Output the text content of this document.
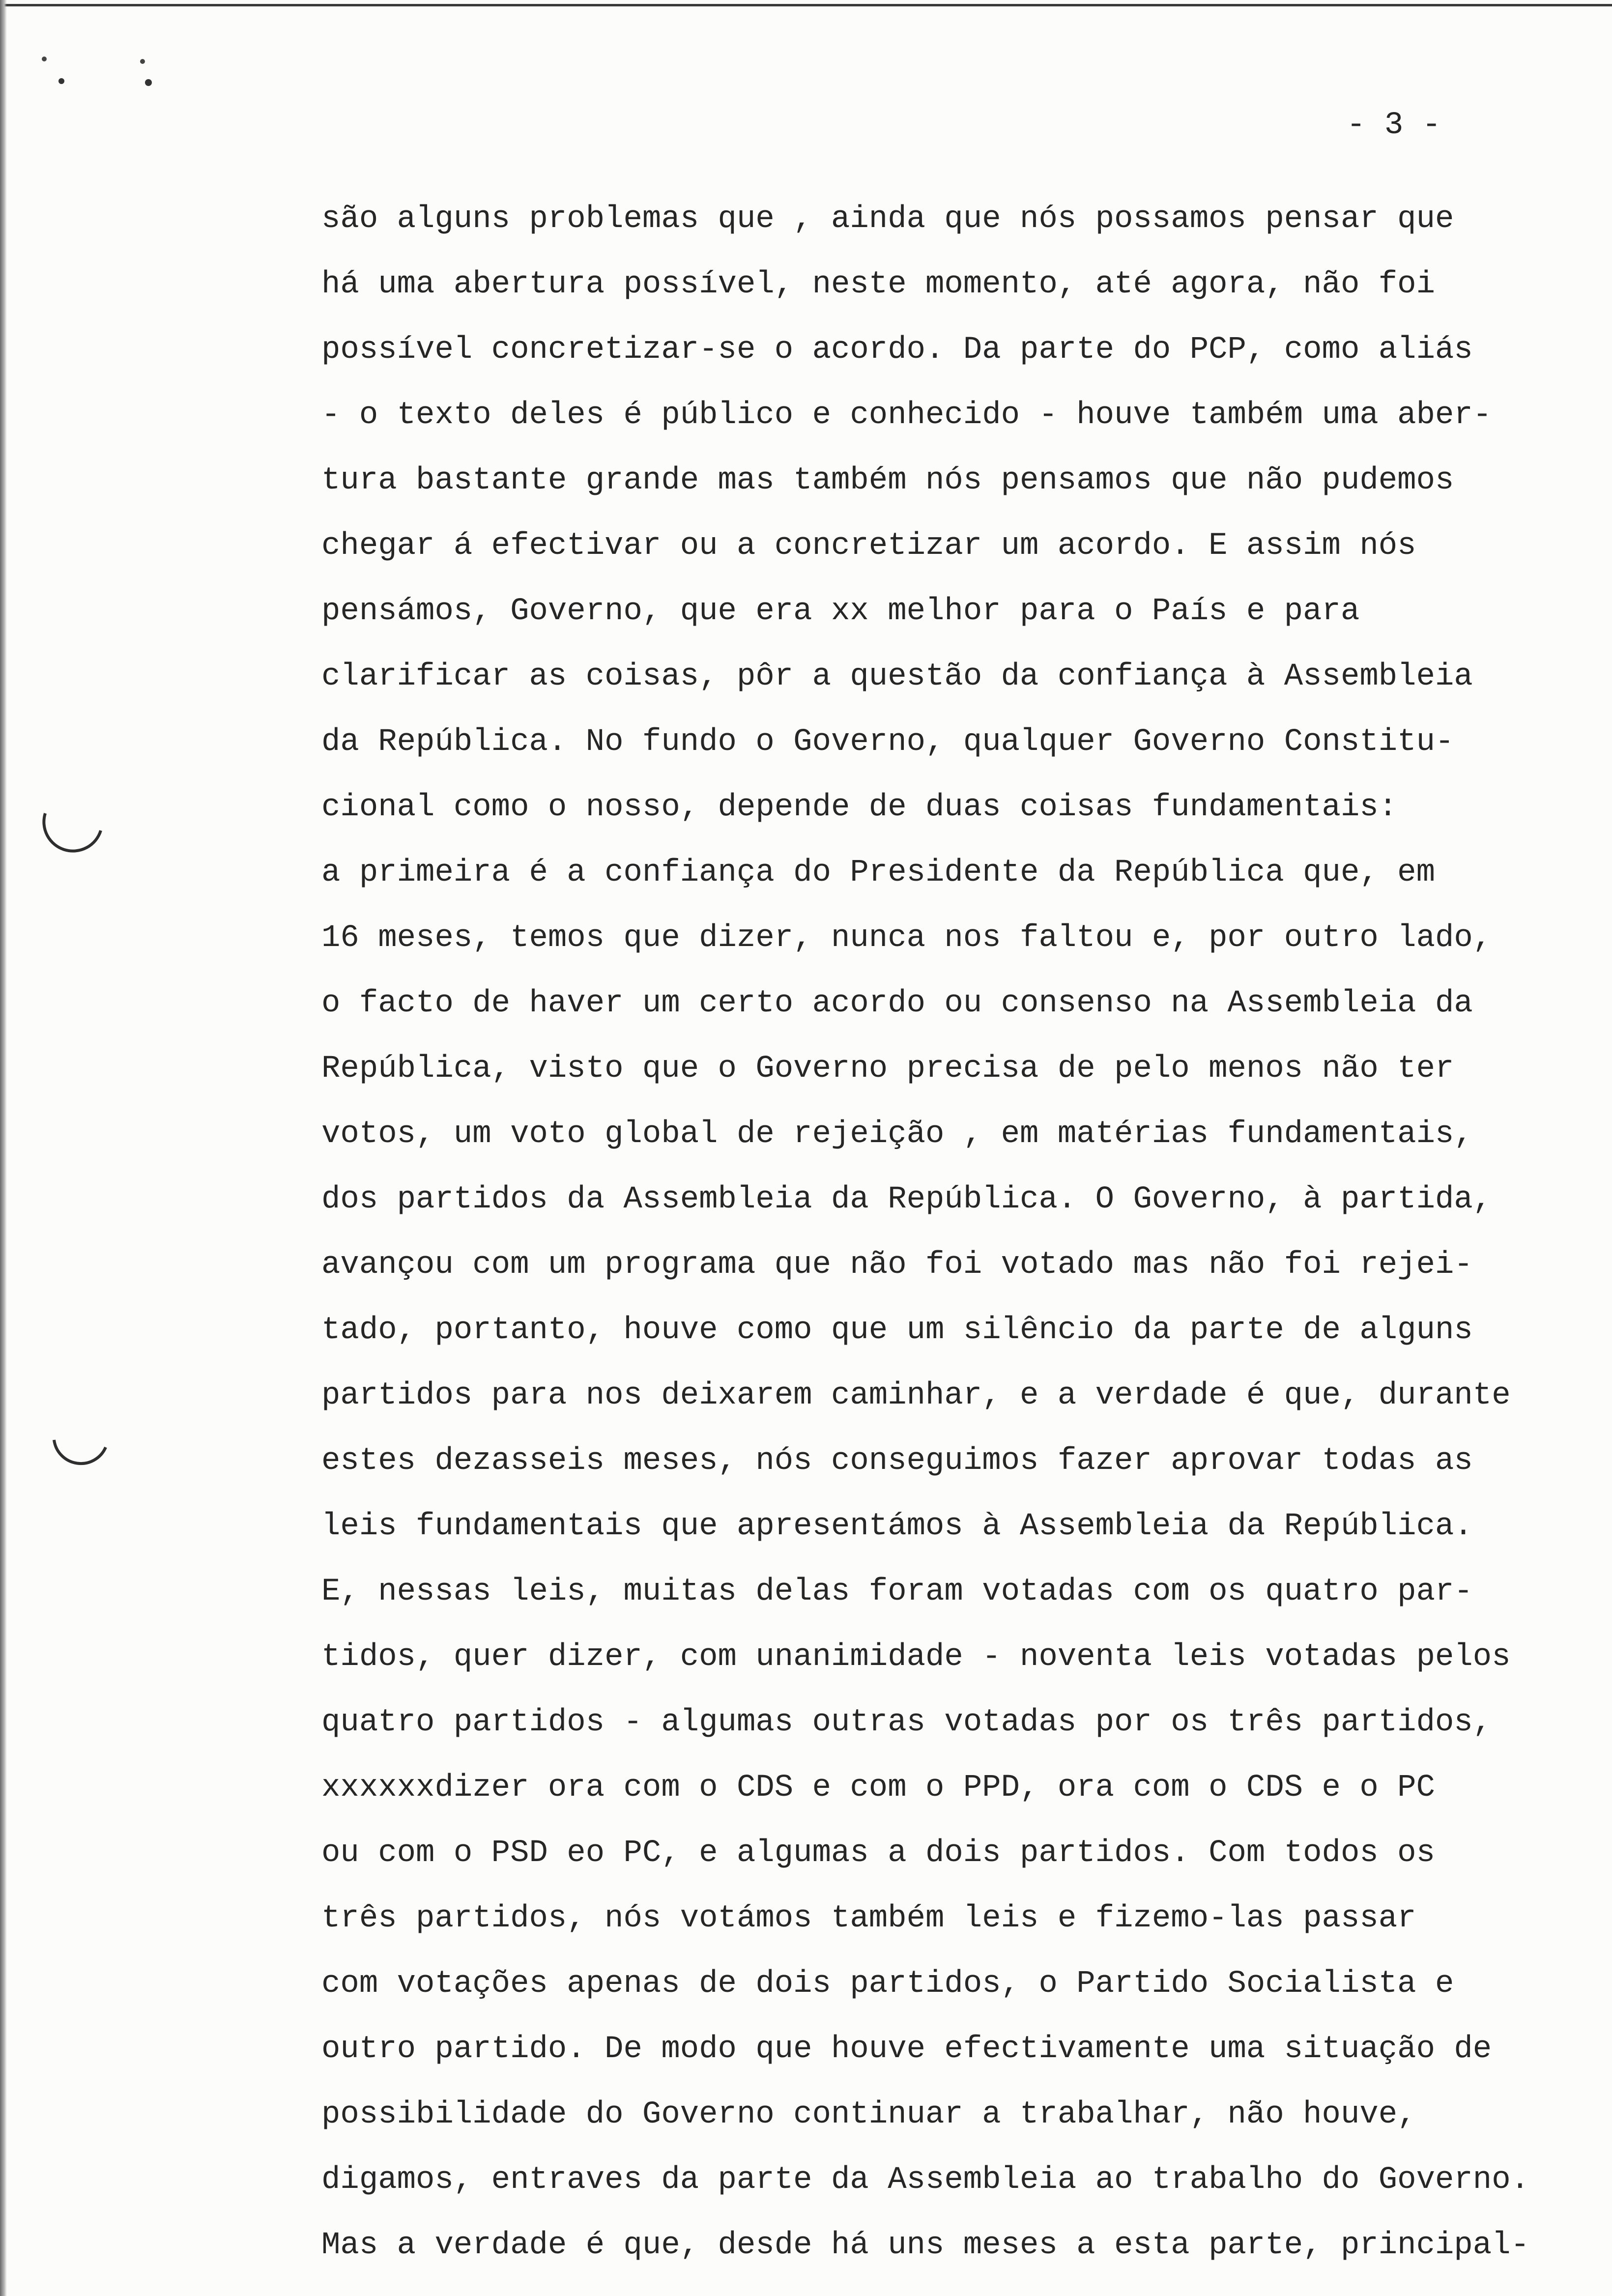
- 3 -
são alguns problemas que , ainda que nós possamos pensar que
há uma abertura possível, neste momento, até agora, não foi
possível concretizar-se o acordo. Da parte do PCP, como aliás
- o texto deles é público e conhecido - houve também uma aber-
tura bastante grande mas também nós pensamos que não pudemos
chegar á efectivar ou a concretizar um acordo. E assim nós
pensámos, Governo, que era xx melhor para o País e para
clarificar as coisas, pôr a questão da confiança à Assembleia
da República. No fundo o Governo, qualquer Governo Constitu-
cional como o nosso, depende de duas coisas fundamentais:
a primeira é a confiança do Presidente da República que, em
16 meses, temos que dizer, nunca nos faltou e, por outro lado,
o facto de haver um certo acordo ou consenso na Assembleia da
República, visto que o Governo precisa de pelo menos não ter
votos, um voto global de rejeição , em matérias fundamentais,
dos partidos da Assembleia da República. O Governo, à partida,
avançou com um programa que não foi votado mas não foi rejei-
tado, portanto, houve como que um silêncio da parte de alguns
partidos para nos deixarem caminhar, e a verdade é que, durante
estes dezasseis meses, nós conseguimos fazer aprovar todas as
leis fundamentais que apresentámos à Assembleia da República.
E, nessas leis, muitas delas foram votadas com os quatro par-
tidos, quer dizer, com unanimidade - noventa leis votadas pelos
quatro partidos - algumas outras votadas por os três partidos,
xxxxxxdizer ora com o CDS e com o PPD, ora com o CDS e o PC
ou com o PSD eo PC, e algumas a dois partidos. Com todos os
três partidos, nós votámos também leis e fizemo-las passar
com votações apenas de dois partidos, o Partido Socialista e
outro partido. De modo que houve efectivamente uma situação de
possibilidade do Governo continuar a trabalhar, não houve,
digamos, entraves da parte da Assembleia ao trabalho do Governo.
Mas a verdade é que, desde há uns meses a esta parte, principal-
